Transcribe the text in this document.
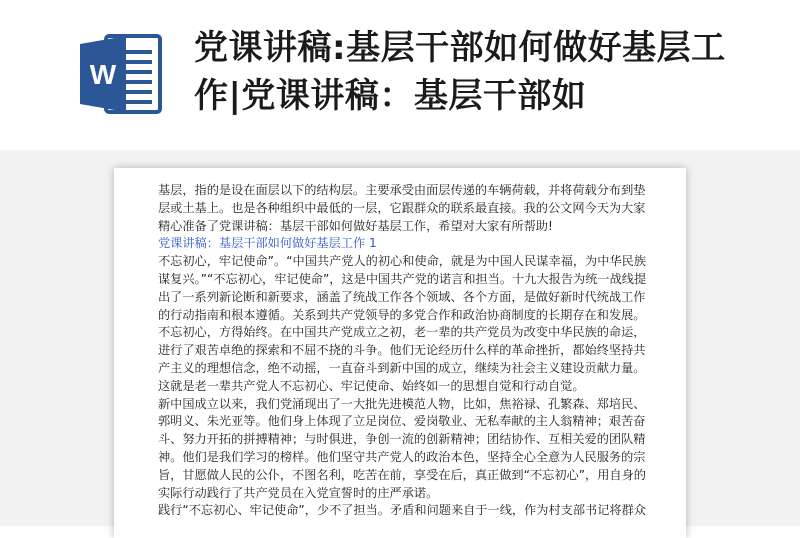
W
党课讲稿:基层干部如何做好基层工作|党课讲稿：基层干部如

基层，指的是设在面层以下的结构层。主要承受由面层传递的车辆荷载，并将荷载分布到垫层或土基上。也是各种组织中最低的一层，它跟群众的联系最直接。我的公文网今天为大家精心准备了党课讲稿：基层干部如何做好基层工作，希望对大家有所帮助!

党课讲稿：基层干部如何做好基层工作 1

不忘初心，牢记使命”。“中国共产党人的初心和使命，就是为中国人民谋幸福，为中华民族谋复兴。”“不忘初心，牢记使命”，这是中国共产党的诺言和担当。十九大报告为统一战线提出了一系列新论断和新要求，涵盖了统战工作各个领域、各个方面，是做好新时代统战工作的行动指南和根本遵循。关系到共产党领导的多党合作和政治协商制度的长期存在和发展。

不忘初心，方得始终。在中国共产党成立之初，老一辈的共产党员为改变中华民族的命运，进行了艰苦卓绝的探索和不屈不挠的斗争。他们无论经历什么样的革命挫折，都始终坚持共产主义的理想信念，绝不动摇，一直奋斗到新中国的成立，继续为社会主义建设贡献力量。这就是老一辈共产党人不忘初心、牢记使命、始终如一的思想自觉和行动自觉。

新中国成立以来，我们党涌现出了一大批先进模范人物，比如，焦裕禄、孔繁森、郑培民、郭明义、朱光亚等。他们身上体现了立足岗位、爱岗敬业、无私奉献的主人翁精神；艰苦奋斗、努力开拓的拼搏精神；与时俱进，争创一流的创新精神；团结协作、互相关爱的团队精神。他们是我们学习的榜样。他们坚守共产党人的政治本色，坚持全心全意为人民服务的宗旨，甘愿做人民的公仆，不图名利，吃苦在前，享受在后，真正做到“不忘初心”，用自身的实际行动践行了共产党员在入党宣誓时的庄严承诺。

践行“不忘初心、牢记使命”，少不了担当。矛盾和问题来自于一线，作为村支部书记将群众
